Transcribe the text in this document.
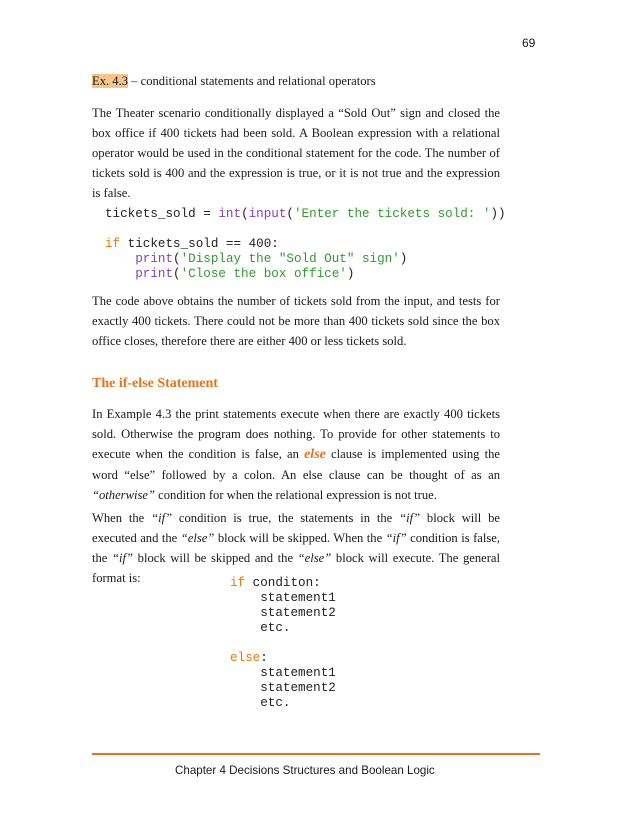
69
Ex. 4.3 – conditional statements and relational operators

The Theater scenario conditionally displayed a “Sold Out” sign and closed the box office if 400 tickets had been sold. A Boolean expression with a relational operator would be used in the conditional statement for the code. The number of tickets sold is 400 and the expression is true, or it is not true and the expression is false.

tickets_sold = int(input('Enter the tickets sold: '))

if tickets_sold == 400:
print('Display the "Sold Out" sign')
print('Close the box office')

The code above obtains the number of tickets sold from the input, and tests for exactly 400 tickets. There could not be more than 400 tickets sold since the box office closes, therefore there are either 400 or less tickets sold.

The if-else Statement

In Example 4.3 the print statements execute when there are exactly 400 tickets sold. Otherwise the program does nothing. To provide for other statements to execute when the condition is false, an else clause is implemented using the word “else” followed by a colon. An else clause can be thought of as an “otherwise” condition for when the relational expression is not true.

When the “if” condition is true, the statements in the “if” block will be executed and the “else” block will be skipped. When the “if” condition is false, the “if” block will be skipped and the “else” block will execute. The general format is:	if conditon:
statement1
statement2
etc.

else:
statement1
statement2
etc.
Chapter 4 Decisions Structures and Boolean Logic
